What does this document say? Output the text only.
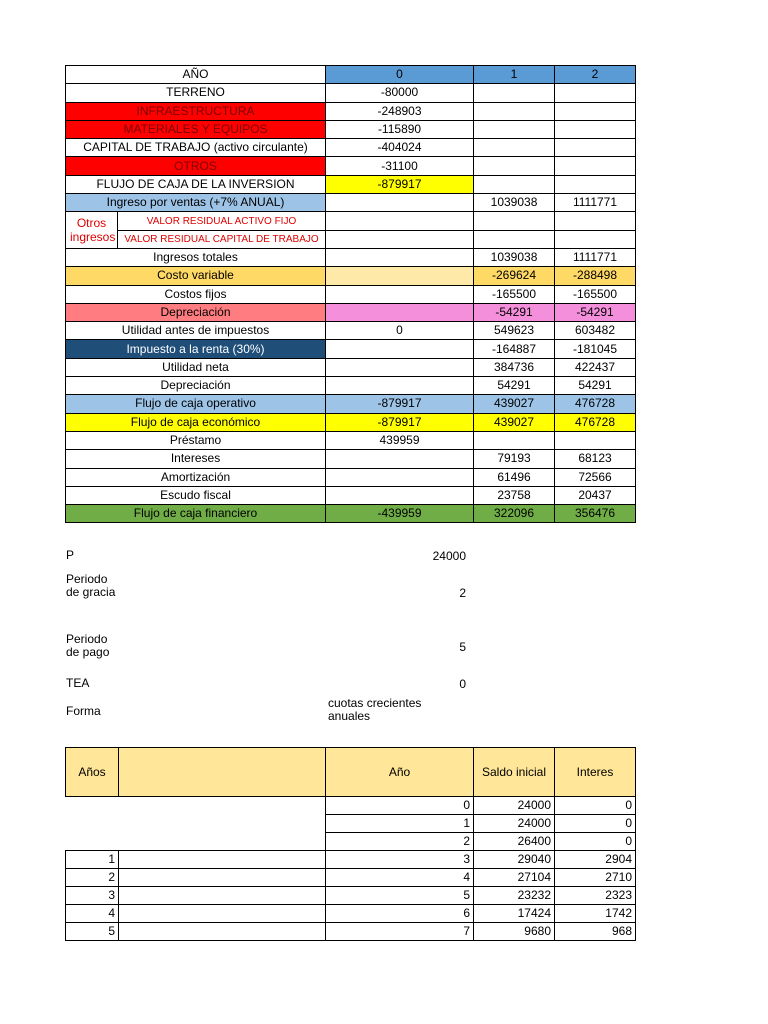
AÑO		0	1	2
TERRENO		-80000		
INFRAESTRUCTURA		-248903		
MATERIALES Y EQUIPOS		-115890		
CAPITAL DE TRABAJO (activo circulante)		-404024		
OTROS		-31100		
FLUJO DE CAJA DE LA INVERSION		-879917		
Ingreso por ventas (+7% ANUAL)			1039038	1111771
Otros ingresos	VALOR RESIDUAL ACTIVO FIJO			
	VALOR RESIDUAL CAPITAL DE TRABAJO			
Ingresos totales			1039038	1111771
Costo variable			-269624	-288498
Costos fijos			-165500	-165500
Depreciación			-54291	-54291
Utilidad antes de impuestos		0	549623	603482
Impuesto a la renta (30%)			-164887	-181045
Utilidad neta			384736	422437
Depreciación			54291	54291
Flujo de caja operativo		-879917	439027	476728
Flujo de caja económico		-879917	439027	476728
Préstamo		439959		
Intereses			79193	68123
Amortización			61496	72566
Escudo fiscal			23758	20437
Flujo de caja financiero		-439959	322096	356476
P	24000
Periodo de gracia	2
Periodo de pago	5
TEA	0
Forma
cuotas crecientes anuales
Años		Año	Saldo inicial	Interes
		0	24000	0
		1	24000	0
		2	26400	0
1		3	29040	2904
2		4	27104	2710
3		5	23232	2323
4		6	17424	1742
5		7	9680	968
